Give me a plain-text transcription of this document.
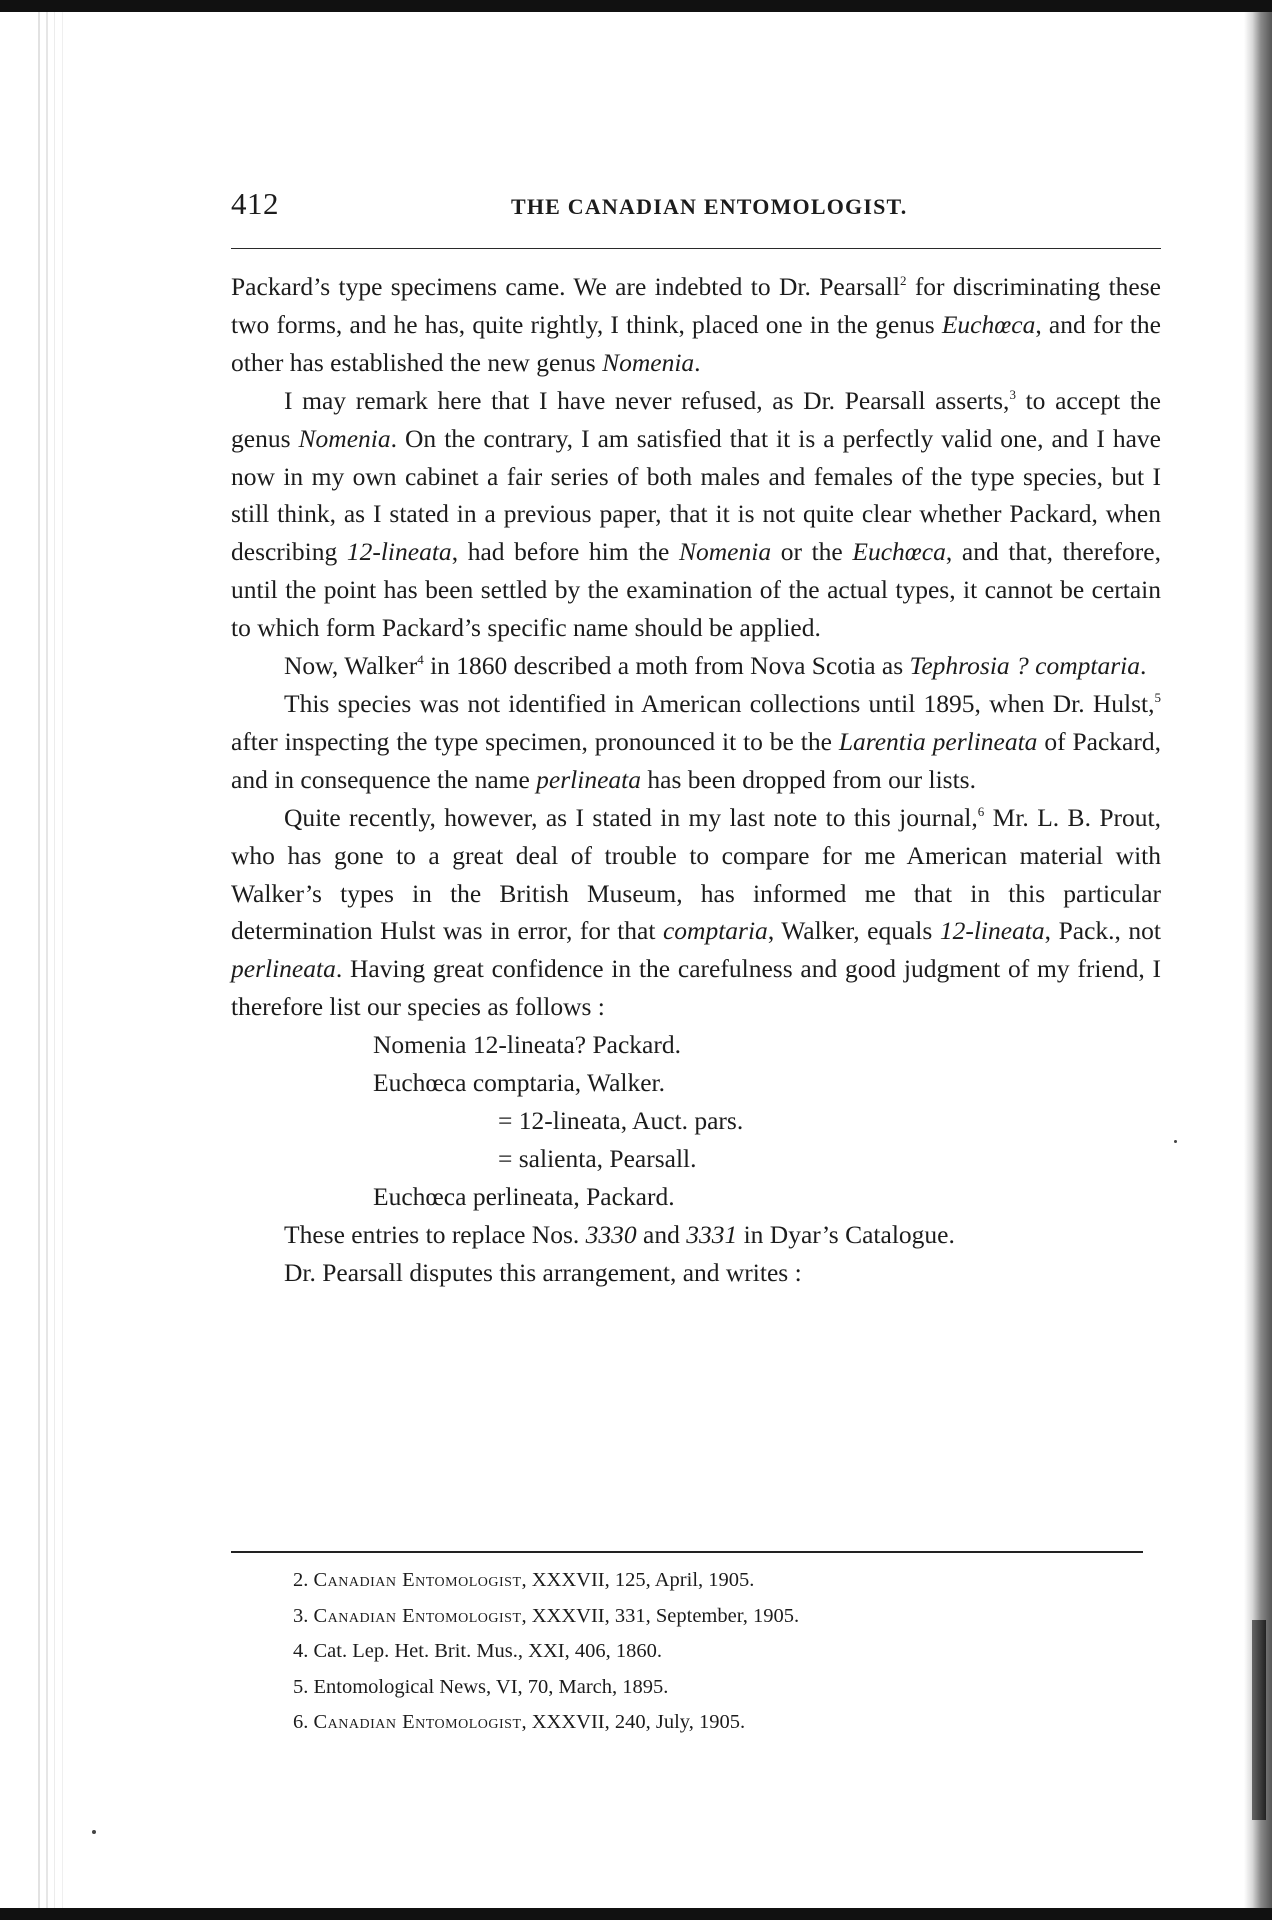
412	THE CANADIAN ENTOMOLOGIST.

Packard’s type specimens came. We are indebted to Dr. Pearsall$^2$ for discriminating these two forms, and he has, quite rightly, I think, placed one in the genus Euchœca, and for the other has established the new genus Nomenia.

I may remark here that I have never refused, as Dr. Pearsall asserts,$^3$ to accept the genus Nomenia. On the contrary, I am satisfied that it is a perfectly valid one, and I have now in my own cabinet a fair series of both males and females of the type species, but I still think, as I stated in a previous paper, that it is not quite clear whether Packard, when describing 12-lineata, had before him the Nomenia or the Euchœca, and that, therefore, until the point has been settled by the examination of the actual types, it cannot be certain to which form Packard’s specific name should be applied.

Now, Walker$^4$ in 1860 described a moth from Nova Scotia as Tephrosia ? comptaria.

This species was not identified in American collections until 1895, when Dr. Hulst,$^5$ after inspecting the type specimen, pronounced it to be the Larentia perlineata of Packard, and in consequence the name perlineata has been dropped from our lists.

Quite recently, however, as I stated in my last note to this journal,$^6$ Mr. L. B. Prout, who has gone to a great deal of trouble to compare for me American material with Walker’s types in the British Museum, has informed me that in this particular determination Hulst was in error, for that comptaria, Walker, equals 12-lineata, Pack., not perlineata. Having great confidence in the carefulness and good judgment of my friend, I therefore list our species as follows :

Nomenia 12-lineata? Packard.
Euchœca comptaria, Walker.
= 12-lineata, Auct. pars.
= salienta, Pearsall.
Euchœca perlineata, Packard.

These entries to replace Nos. 3330 and 3331 in Dyar’s Catalogue.

Dr. Pearsall disputes this arrangement, and writes :

2. Canadian Entomologist, XXXVII, 125, April, 1905.
3. Canadian Entomologist, XXXVII, 331, September, 1905.
4. Cat. Lep. Het. Brit. Mus., XXI, 406, 1860.
5. Entomological News, VI, 70, March, 1895.
6. Canadian Entomologist, XXXVII, 240, July, 1905.
